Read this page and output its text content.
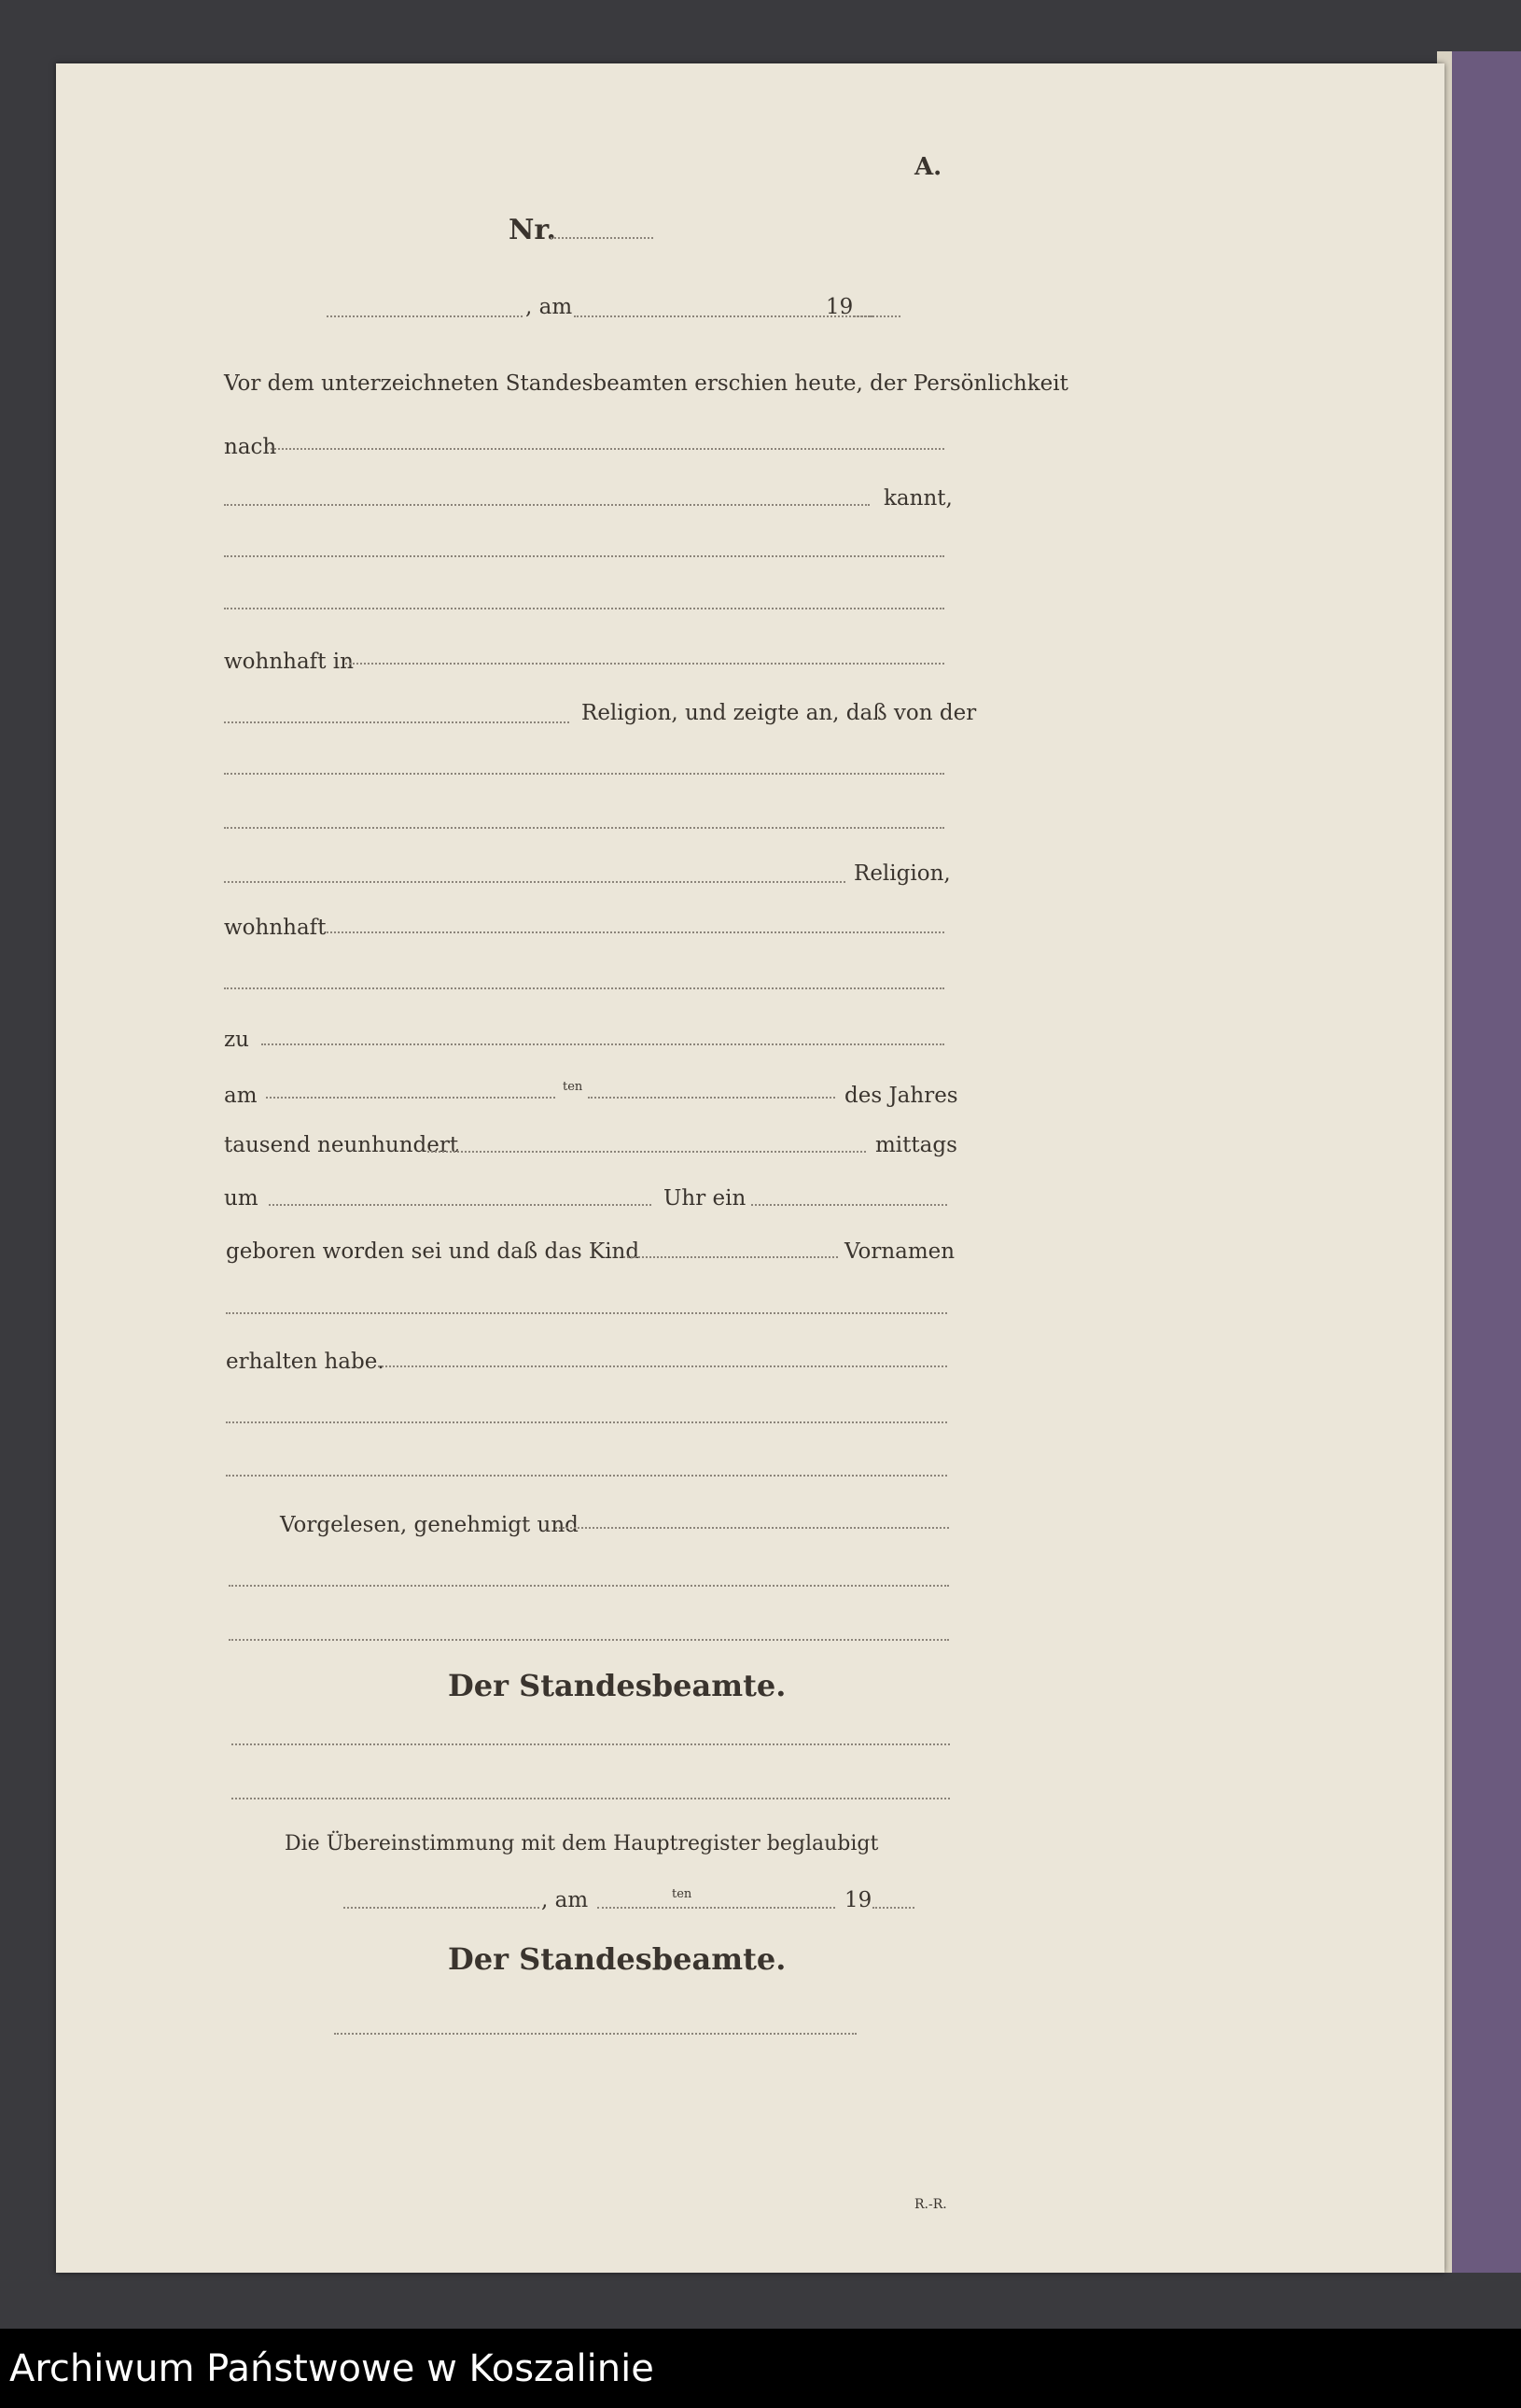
A.
Nr.
, am	19
Vor dem unterzeichneten Standesbeamten erschien heute, der Persönlichkeit
nach
kannt,
wohnhaft in
Religion, und zeigte an, daß von der
Religion,
wohnhaft
zu
am	ten	des Jahres
tausend neunhundert	mittags
um	Uhr ein
geboren worden sei und daß das Kind	Vornamen
erhalten habe.
Vorgelesen, genehmigt und
Der Standesbeamte.
Die Übereinstimmung mit dem Hauptregister beglaubigt
, am	ten	19
Der Standesbeamte.
R.-R.
Archiwum Państwowe w Koszalinie
